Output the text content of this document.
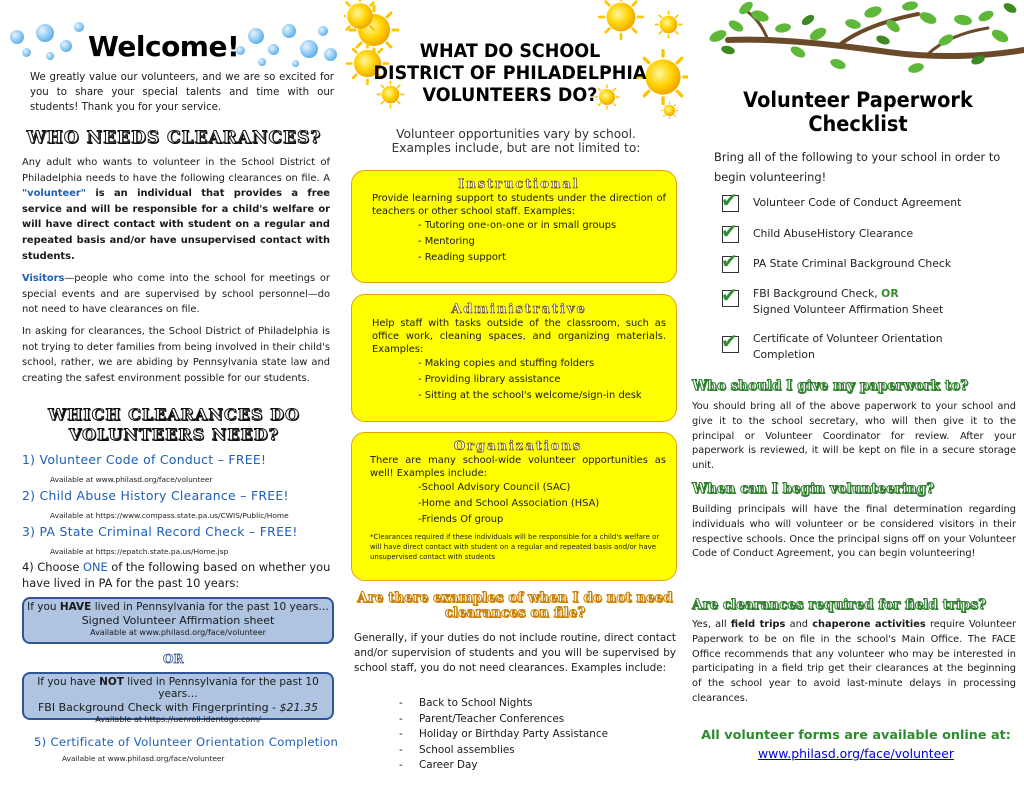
Welcome!
We greatly value our volunteers, and we are so excited for you to share your special talents and time with our students! Thank you for your service.
WHO NEEDS CLEARANCES?
Any adult who wants to volunteer in the School District of Philadelphia needs to have the following clearances on file. A "volunteer" is an individual that provides a free service and will be responsible for a child's welfare or will have direct contact with student on a regular and repeated basis and/or have unsupervised contact with students.
Visitors—people who come into the school for meetings or special events and are supervised by school personnel—do not need to have clearances on file.
In asking for clearances, the School District of Philadelphia is not trying to deter families from being involved in their child's school, rather, we are abiding by Pennsylvania state law and creating the safest environment possible for our students.
WHICH CLEARANCES DO
VOLUNTEERS NEED?
1) Volunteer Code of Conduct – FREE!
Available at www.philasd.org/face/volunteer
2) Child Abuse History Clearance – FREE!
Available at https://www.compass.state.pa.us/CWIS/Public/Home
3) PA State Criminal Record Check – FREE!
Available at https://epatch.state.pa.us/Home.jsp
4) Choose ONE of the following based on whether you have lived in PA for the past 10 years:
If you HAVE lived in Pennsylvania for the past 10 years…
Signed Volunteer Affirmation sheet
Available at www.philasd.org/face/volunteer
OR
If you have NOT lived in Pennsylvania for the past 10 years…
FBI Background Check with Fingerprinting - $21.35
Available at https://uenroll.identogo.com/
5) Certificate of Volunteer Orientation Completion
Available at www.philasd.org/face/volunteer
WHAT DO SCHOOL
DISTRICT OF PHILADELPHIA
VOLUNTEERS DO?
Volunteer opportunities vary by school.
Examples include, but are not limited to:
Instructional
Provide learning support to students under the direction of teachers or other school staff. Examples:
- Tutoring one-on-one or in small groups
- Mentoring
- Reading support
Administrative
Help staff with tasks outside of the classroom, such as office work, cleaning spaces, and organizing materials. Examples:
- Making copies and stuffing folders
- Providing library assistance
- Sitting at the school's welcome/sign-in desk
Organizations
There are many school-wide volunteer opportunities as well! Examples include:
-School Advisory Council (SAC)
-Home and School Association (HSA)
-Friends Of group
*Clearances required if these individuals will be responsible for a child's welfare or will have direct contact with student on a regular and repeated basis and/or have unsupervised contact with students
Are there examples of when I do not need
clearances on file?
Generally, if your duties do not include routine, direct contact and/or supervision of students and you will be supervised by school staff, you do not need clearances. Examples include:
- Back to School Nights
- Parent/Teacher Conferences
- Holiday or Birthday Party Assistance
- School assemblies
- Career Day
Volunteer Paperwork
Checklist
Bring all of the following to your school in order to begin volunteering!
✔ Volunteer Code of Conduct Agreement
✔ Child AbuseHistory Clearance
✔ PA State Criminal Background Check
✔ FBI Background Check, OR
Signed Volunteer Affirmation Sheet
✔ Certificate of Volunteer Orientation
Completion
Who should I give my paperwork to?
You should bring all of the above paperwork to your school and give it to the school secretary, who will then give it to the principal or Volunteer Coordinator for review. After your paperwork is reviewed, it will be kept on file in a secure storage unit.
When can I begin volunteering?
Building principals will have the final determination regarding individuals who will volunteer or be considered visitors in their respective schools. Once the principal signs off on your Volunteer Code of Conduct Agreement, you can begin volunteering!
Are clearances required for field trips?
Yes, all field trips and chaperone activities require Volunteer Paperwork to be on file in the school's Main Office. The FACE Office recommends that any volunteer who may be interested in participating in a field trip get their clearances at the beginning of the school year to avoid last-minute delays in processing clearances.
All volunteer forms are available online at:
www.philasd.org/face/volunteer
